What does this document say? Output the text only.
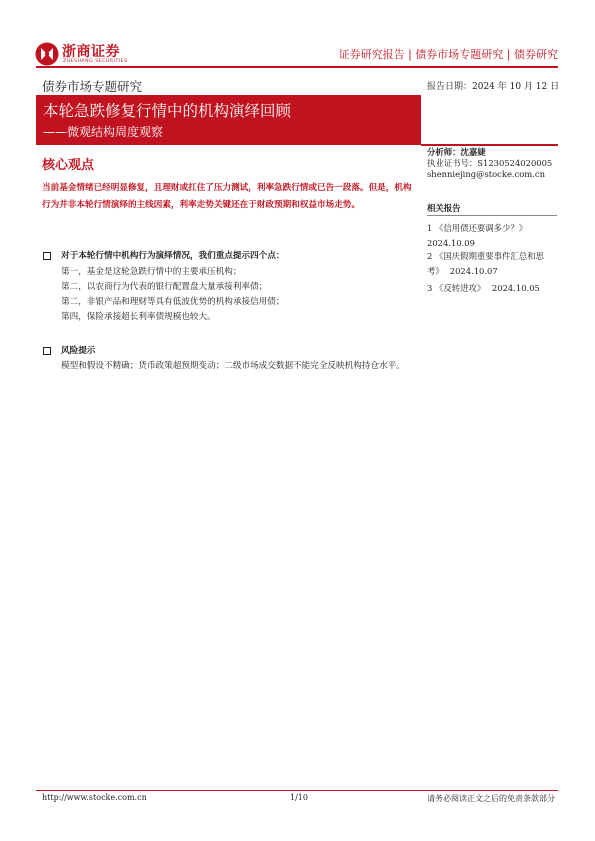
浙商证券
ZHESHANG SECURITIES
证券研究报告 | 债券市场专题研究 | 债券研究
债券市场专题研究	报告日期：2024 年 10 月 12 日
本轮急跌修复行情中的机构演绎回顾
——微观结构周度观察
核心观点
当前基金情绪已经明显修复，且理财或扛住了压力测试，利率急跌行情或已告一段落。但是，机构行为并非本轮行情演绎的主线因素，利率走势关键还在于财政预期和权益市场走势。
对于本轮行情中机构行为演绎情况，我们重点提示四个点：
第一，基金是这轮急跌行情中的主要承压机构；
第二，以农商行为代表的银行配置盘大量承接利率债；
第二，非银产品和理财等具有低波优势的机构承接信用债；
第四，保险承接超长利率债规模也较大。
风险提示
模型和假设不精确；货币政策超预期变动；二级市场成交数据不能完全反映机构持仓水平。
分析师：沈嘉婕
执业证书号：S1230524020005
shenniejing@stocke.com.cn
相关报告
1 《信用债还要调多少？》
2024.10.09
2 《国庆假期重要事件汇总和思
考》 2024.10.07
3 《反转进攻》 2024.10.05
http://www.stocke.com.cn	1/10	请务必阅读正文之后的免责条款部分
